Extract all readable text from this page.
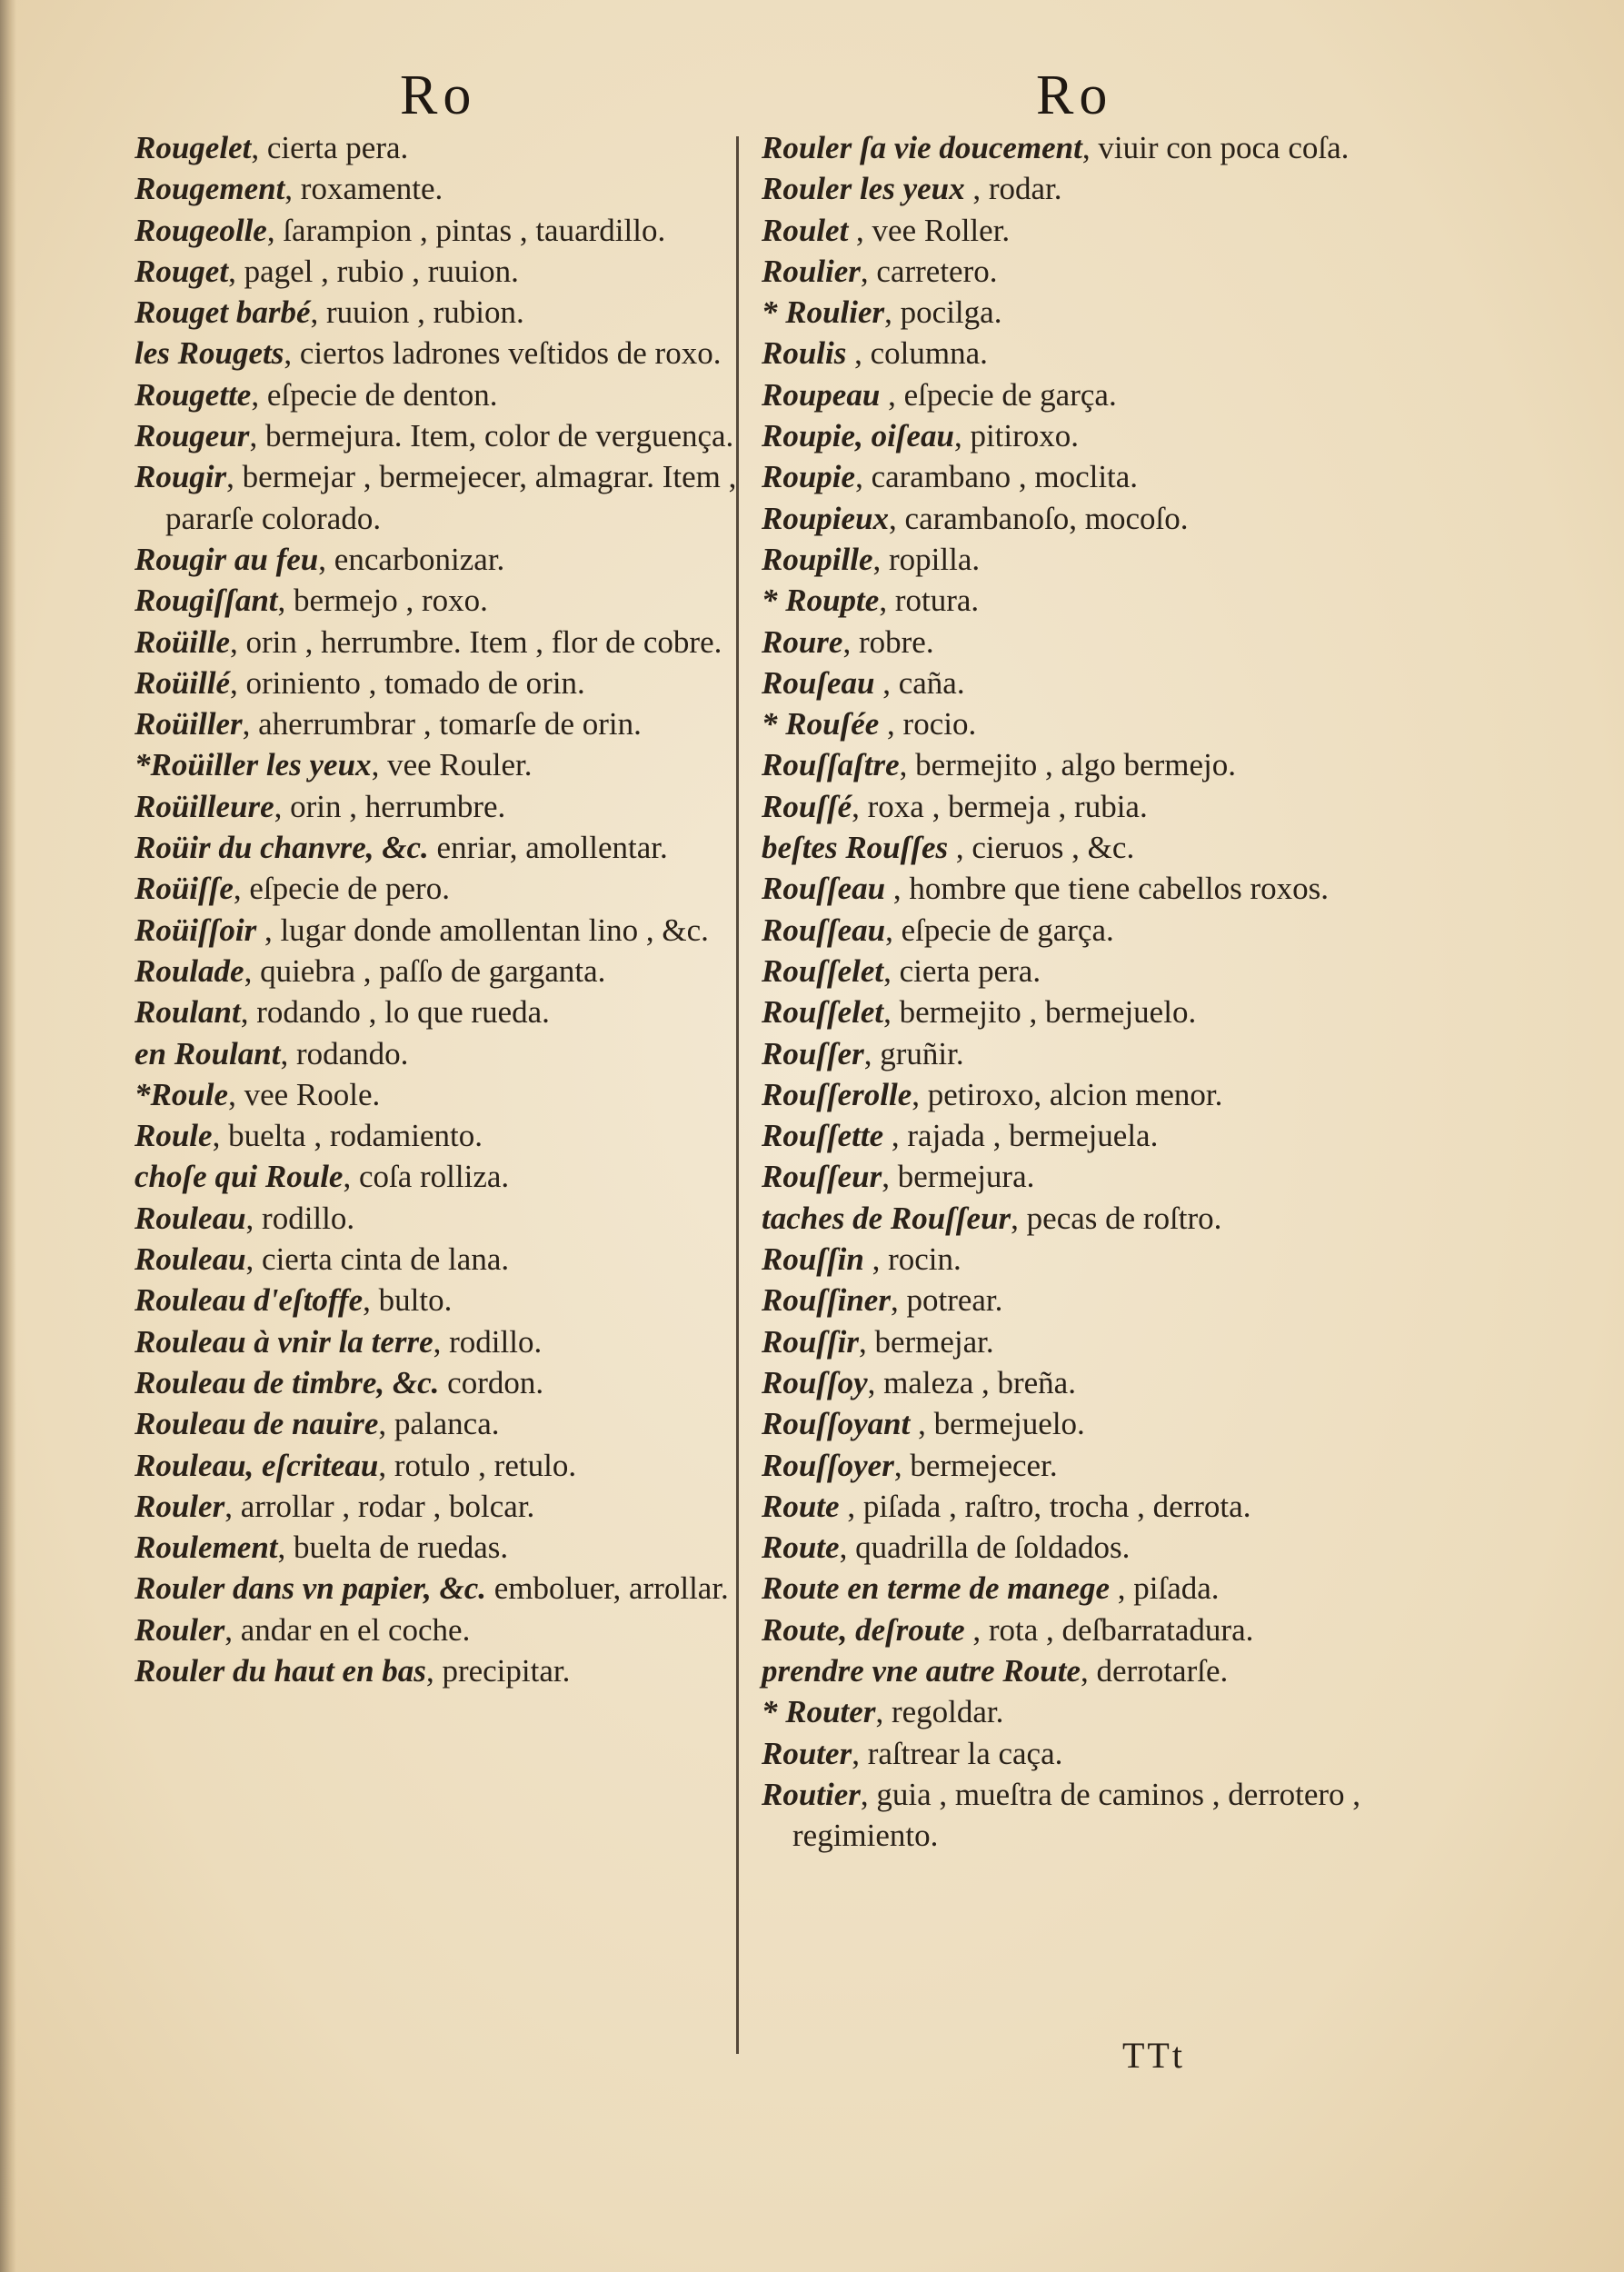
Ro	Ro
Rougelet, cierta pera.
Rougement, roxamente.
Rougeolle, ſarampion , pintas , tauardillo.
Rouget, pagel , rubio , ruuion.
Rouget barbé, ruuion , rubion.
les Rougets, ciertos ladrones veſtidos de roxo.
Rougette, eſpecie de denton.
Rougeur, bermejura. Item, color de verguença.
Rougir, bermejar , bermejecer, almagrar. Item , pararſe colorado.
Rougir au feu, encarbonizar.
Rougiſſant, bermejo , roxo.
Roüille, orin , herrumbre. Item , flor de cobre.
Roüillé, oriniento , tomado de orin.
Roüiller, aherrumbrar , tomarſe de orin.
*Roüiller les yeux, vee Rouler.
Roüilleure, orin , herrumbre.
Roüir du chanvre, &c. enriar, amollentar.
Roüiſſe, eſpecie de pero.
Roüiſſoir , lugar donde amollentan lino , &c.
Roulade, quiebra , paſſo de garganta.
Roulant, rodando , lo que rueda.
en Roulant, rodando.
*Roule, vee Roole.
Roule, buelta , rodamiento.
choſe qui Roule, coſa rolliza.
Rouleau, rodillo.
Rouleau, cierta cinta de lana.
Rouleau d'eſtoffe, bulto.
Rouleau à vnir la terre, rodillo.
Rouleau de timbre, &c. cordon.
Rouleau de nauire, palanca.
Rouleau, eſcriteau, rotulo , retulo.
Rouler, arrollar , rodar , bolcar.
Roulement, buelta de ruedas.
Rouler dans vn papier, &c. emboluer, arrollar.
Rouler, andar en el coche.
Rouler du haut en bas, precipitar.
Rouler ſa vie doucement, viuir con poca coſa.
Rouler les yeux , rodar.
Roulet , vee Roller.
Roulier, carretero.
* Roulier, pocilga.
Roulis , columna.
Roupeau , eſpecie de garça.
Roupie, oiſeau, pitiroxo.
Roupie, carambano , moclita.
Roupieux, carambanoſo, mocoſo.
Roupille, ropilla.
* Roupte, rotura.
Roure, robre.
Rouſeau , caña.
* Rouſée , rocio.
Rouſſaſtre, bermejito , algo bermejo.
Rouſſé, roxa , bermeja , rubia.
beſtes Rouſſes , cieruos , &c.
Rouſſeau , hombre que tiene cabellos roxos.
Rouſſeau, eſpecie de garça.
Rouſſelet, cierta pera.
Rouſſelet, bermejito , bermejuelo.
Rouſſer, gruñir.
Rouſſerolle, petiroxo, alcion menor.
Rouſſette , rajada , bermejuela.
Rouſſeur, bermejura.
taches de Rouſſeur, pecas de roſtro.
Rouſſin , rocin.
Rouſſiner, potrear.
Rouſſir, bermejar.
Rouſſoy, maleza , breña.
Rouſſoyant , bermejuelo.
Rouſſoyer, bermejecer.
Route , piſada , raſtro, trocha , derrota.
Route, quadrilla de ſoldados.
Route en terme de manege , piſada.
Route, deſroute , rota , deſbarratadura.
prendre vne autre Route, derrotarſe.
* Router, regoldar.
Router, raſtrear la caça.
Routier, guia , mueſtra de caminos , derrotero , regimiento.
TTt
